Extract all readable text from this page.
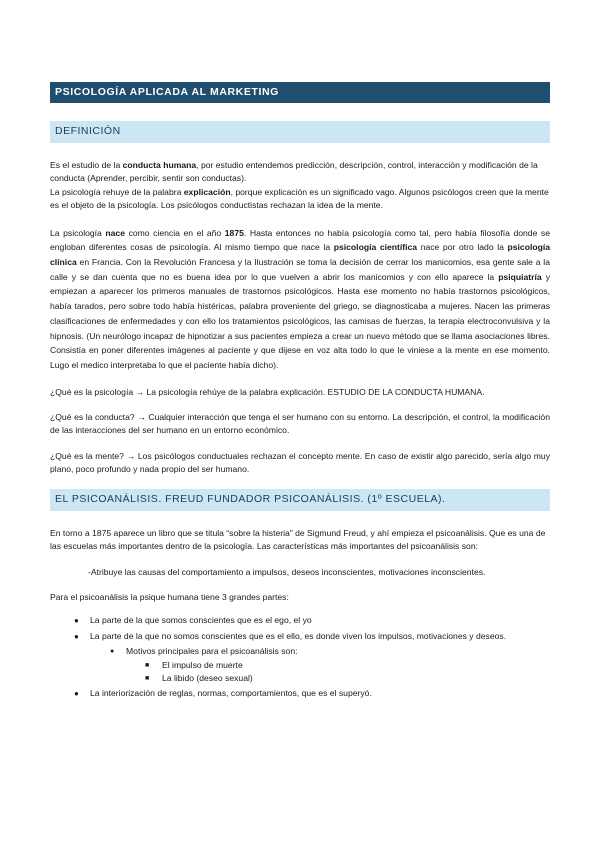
PSICOLOGÍA APLICADA AL MARKETING
DEFINICIÓN

Es el estudio de la conducta humana, por estudio entendemos predicción, descripción, control, interacción y modificación de la conducta (Aprender, percibir, sentir son conductas).

La psicología rehuye de la palabra explicación, porque explicación es un significado vago. Algunos psicólogos creen que la mente es el objeto de la psicología. Los psicólogos conductistas rechazan la idea de la mente.

La psicología nace como ciencia en el año 1875. Hasta entonces no había psicología como tal, pero había filosofía donde se engloban diferentes cosas de psicología. Al mismo tiempo que nace la psicología científica nace por otro lado la psicología clínica en Francia. Con la Revolución Francesa y la Ilustración se toma la decisión de cerrar los manicomios, esa gente sale a la calle y se dan cuenta que no es buena idea por lo que vuelven a abrir los manicomios y con ello aparece la psiquiatría y empiezan a aparecer los primeros manuales de trastornos psicológicos. Hasta ese momento no había trastornos psicológicos, había tarados, pero sobre todo había histéricas, palabra proveniente del griego, se diagnosticaba a mujeres. Nacen las primeras clasificaciones de enfermedades y con ello los tratamientos psicológicos, las camisas de fuerzas, la terapia electroconvulsiva y la hipnosis. (Un neurólogo incapaz de hipnotizar a sus pacientes empieza a crear un nuevo método que se llama asociaciones libres. Consistía en poner diferentes imágenes al paciente y que dijese en voz alta todo lo que le viniese a la mente en ese momento. Lugo el medico interpretaba lo que el paciente había dicho).

¿Qué es la psicología → La psicología rehúye de la palabra explicación. ESTUDIO DE LA CONDUCTA HUMANA.

¿Qué es la conducta? → Cualquier interacción que tenga el ser humano con su entorno. La descripción, el control, la modificación de las interacciones del ser humano en un entorno económico.

¿Qué es la mente? → Los psicólogos conductuales rechazan el concepto mente. En caso de existir algo parecido, sería algo muy plano, poco profundo y nada propio del ser humano.

EL PSICOANÁLISIS. FREUD FUNDADOR PSICOANÁLISIS. (1º ESCUELA).

En torno a 1875 aparece un libro que se titula “sobre la histeria” de Sigmund Freud, y ahí empieza el psicoanálisis. Que es una de las escuelas más importantes dentro de la psicología. Las características más importantes del psicoanálisis son:

-Atribuye las causas del comportamiento a impulsos, deseos inconscientes, motivaciones inconscientes.

Para el psicoanálisis la psique humana tiene 3 grandes partes:

● La parte de la que somos conscientes que es el ego, el yo
● La parte de la que no somos conscientes que es el ello, es donde viven los impulsos, motivaciones y deseos.
● Motivos principales para el psicoanálisis son:
■ El impulso de muerte
■ La libido (deseo sexual)
● La interiorización de reglas, normas, comportamientos, que es el superyó.
